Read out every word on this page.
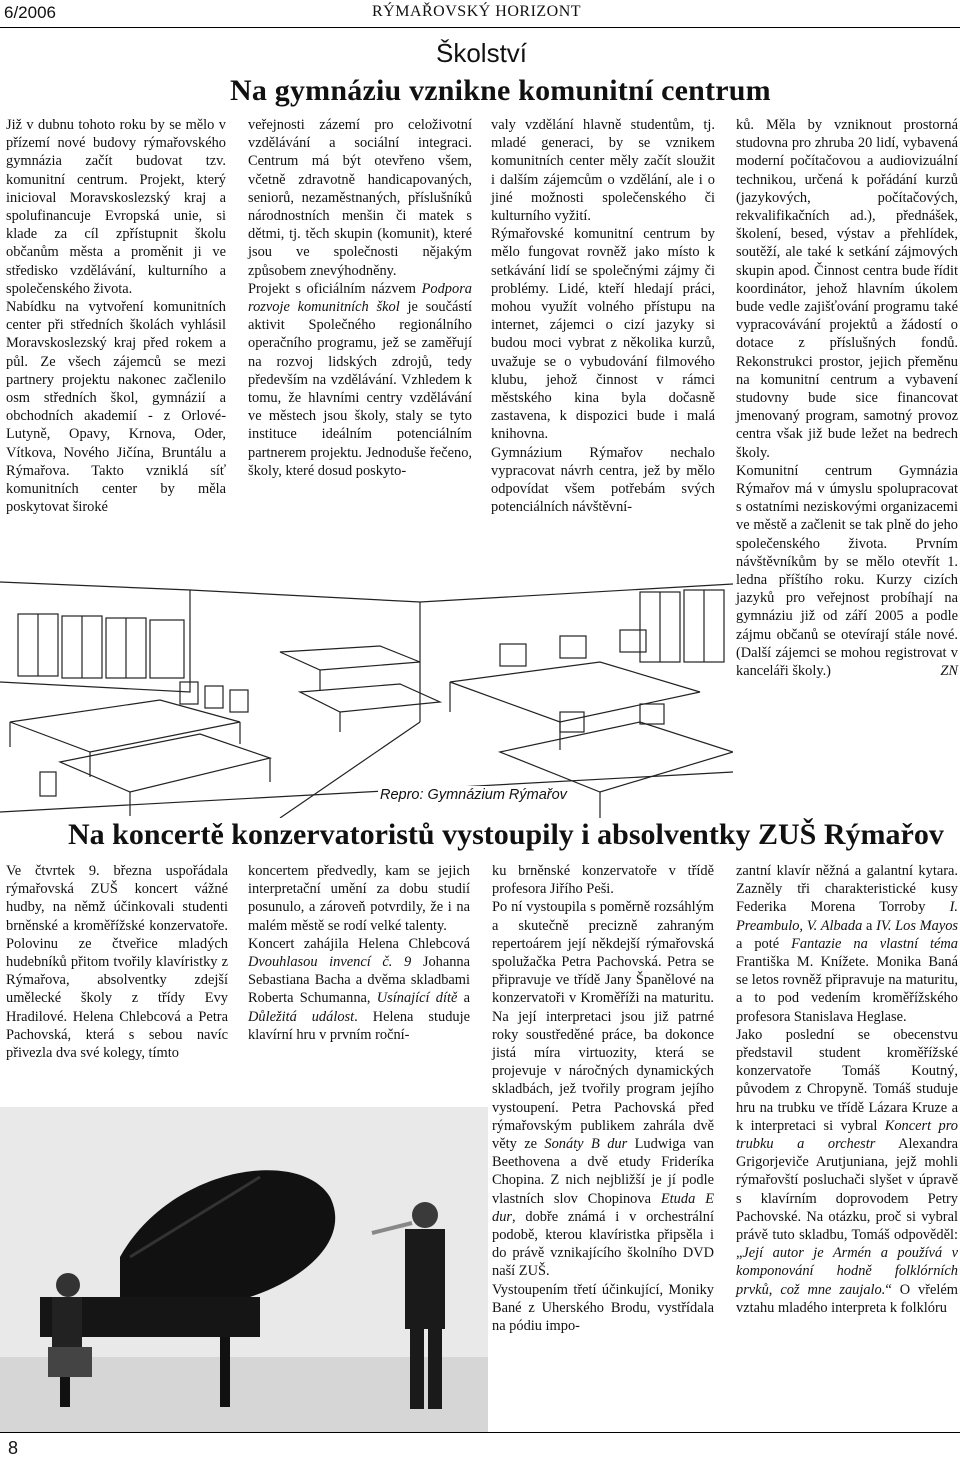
6/2006	RÝMAŘOVSKÝ HORIZONT
Školství
Na gymnáziu vznikne komunitní centrum

Již v dubnu tohoto roku by se mělo v přízemí nové budovy rýmařovského gymnázia začít budovat tzv. komunitní centrum. Projekt, který inicioval Moravskoslezský kraj a spolufinancuje Evropská unie, si klade za cíl zpřístupnit školu občanům města a proměnit ji ve středisko vzdělávání, kulturního a společenského života.

Nabídku na vytvoření komunitních center při středních školách vyhlásil Moravskoslezský kraj před rokem a půl. Ze všech zájemců se mezi partnery projektu nakonec začlenilo osm středních škol, gymnázií a obchodních akademií - z Orlové-Lutyně, Opavy, Krnova, Oder, Vítkova, Nového Jičína, Bruntálu a Rýmařova. Takto vzniklá síť komunitních center by měla poskytovat široké

veřejnosti zázemí pro celoživotní vzdělávání a sociální integraci. Centrum má být otevřeno všem, včetně zdravotně handicapovaných, seniorů, nezaměstnaných, příslušníků národnostních menšin či matek s dětmi, tj. těch skupin (komunit), které jsou ve společnosti nějakým způsobem znevýhodněny.

Projekt s oficiálním názvem Podpora rozvoje komunitních škol je součástí aktivit Společného regionálního operačního programu, jež se zaměřují na rozvoj lidských zdrojů, tedy především na vzdělávání. Vzhledem k tomu, že hlavními centry vzdělávání ve městech jsou školy, staly se tyto instituce ideálním potenciálním partnerem projektu. Jednoduše řečeno, školy, které dosud poskyto-

valy vzdělání hlavně studentům, tj. mladé generaci, by se vznikem komunitních center měly začít sloužit i dalším zájemcům o vzdělání, ale i o jiné možnosti společenského či kulturního vyžití.

Rýmařovské komunitní centrum by mělo fungovat rovněž jako místo k setkávání lidí se společnými zájmy či problémy. Lidé, kteří hledají práci, mohou využít volného přístupu na internet, zájemci o cizí jazyky si budou moci vybrat z několika kurzů, uvažuje se o vybudování filmového klubu, jehož činnost v rámci městského kina byla dočasně zastavena, k dispozici bude i malá knihovna.

Gymnázium Rýmařov nechalo vypracovat návrh centra, jež by mělo odpovídat všem potřebám svých potenciálních návštěvní-

ků. Měla by vzniknout prostorná studovna pro zhruba 20 lidí, vybavená moderní počítačovou a audiovizuální technikou, určená k pořádání kurzů (jazykových, počítačových, rekvalifikačních ad.), přednášek, školení, besed, výstav a přehlídek, soutěží, ale také k setkání zájmových skupin apod. Činnost centra bude řídit koordinátor, jehož hlavním úkolem bude vedle zajišťování programu také vypracovávání projektů a žádostí o dotace z příslušných fondů. Rekonstrukci prostor, jejich přeměnu na komunitní centrum a vybavení studovny bude sice financovat jmenovaný program, samotný provoz centra však již bude ležet na bedrech školy.

Komunitní centrum Gymnázia Rýmařov má v úmyslu spolupracovat s ostatními neziskovými organizacemi ve městě a začlenit se tak plně do jeho společenského života. Prvním návštěvníkům by se mělo otevřít 1. ledna příštího roku. Kurzy cizích jazyků pro veřejnost probíhají na gymnáziu již od září 2005 a podle zájmu občanů se otevírají stále nové. (Další zájemci se mohou registrovat v kanceláři školy.)	ZN

Repro: Gymnázium Rýmařov
Na koncertě konzervatoristů vystoupily i absolventky ZUŠ Rýmařov

Ve čtvrtek 9. března uspořádala rýmařovská ZUŠ koncert vážné hudby, na němž účinkovali studenti brněnské a kroměřížské konzervatoře. Polovinu ze čtveřice mladých hudebníků přitom tvořily klavíristky z Rýmařova, absolventky zdejší umělecké školy z třídy Evy Hradilové. Helena Chlebcová a Petra Pachovská, která s sebou navíc přivezla dva své kolegy, tímto

koncertem předvedly, kam se jejich interpretační umění za dobu studií posunulo, a zároveň potvrdily, že i na malém městě se rodí velké talenty.

Koncert zahájila Helena Chlebcová Dvouhlasou invencí č. 9 Johanna Sebastiana Bacha a dvěma skladbami Roberta Schumanna, Usínající dítě a Důležitá událost. Helena studuje klavírní hru v prvním roční-

ku brněnské konzervatoře v třídě profesora Jiřího Peši.

Po ní vystoupila s poměrně rozsáhlým a skutečně precizně zahraným repertoárem její někdejší rýmařovská spolužačka Petra Pachovská. Petra se připravuje ve třídě Jany Španělové na konzervatoři v Kroměříži na maturitu. Na její interpretaci jsou již patrné roky soustředěné práce, ba dokonce jistá míra virtuozity, která se projevuje v náročných dynamických skladbách, jež tvořily program jejího vystoupení. Petra Pachovská před rýmařovským publikem zahrála dvě věty ze Sonáty B dur Ludwiga van Beethovena a dvě etudy Frideríka Chopina. Z nich nejbližší je jí podle vlastních slov Chopinova Etuda E dur, dobře známá i v orchestrální podobě, kterou klavíristka připsěla i do právě vznikajícího školního DVD naší ZUŠ.

Vystoupením třetí účinkující, Moniky Bané z Uherského Brodu, vystřídala na pódiu impo-

zantní klavír něžná a galantní kytara. Zazněly tři charakteristické kusy Federika Morena Torroby I. Preambulo, V. Albada a IV. Los Mayos a poté Fantazie na vlastní téma Františka M. Knížete. Monika Baná se letos rovněž připravuje na maturitu, a to pod vedením kroměřížského profesora Stanislava Heglase.

Jako poslední se obecenstvu představil student kroměřížské konzervatoře Tomáš Koutný, původem z Chropyně. Tomáš studuje hru na trubku ve třídě Lázara Kruze a k interpretaci si vybral Koncert pro trubku a orchestr Alexandra Grigorjeviče Arutjuniana, jejž mohli rýmařovští posluchači slyšet v úpravě s klavírním doprovodem Petry Pachovské. Na otázku, proč si vybral právě tuto skladbu, Tomáš odpověděl: „Její autor je Armén a používá v komponování hodně folklórních prvků, což mne zaujalo.“ O vřelém vztahu mladého interpreta k folklóru

8
